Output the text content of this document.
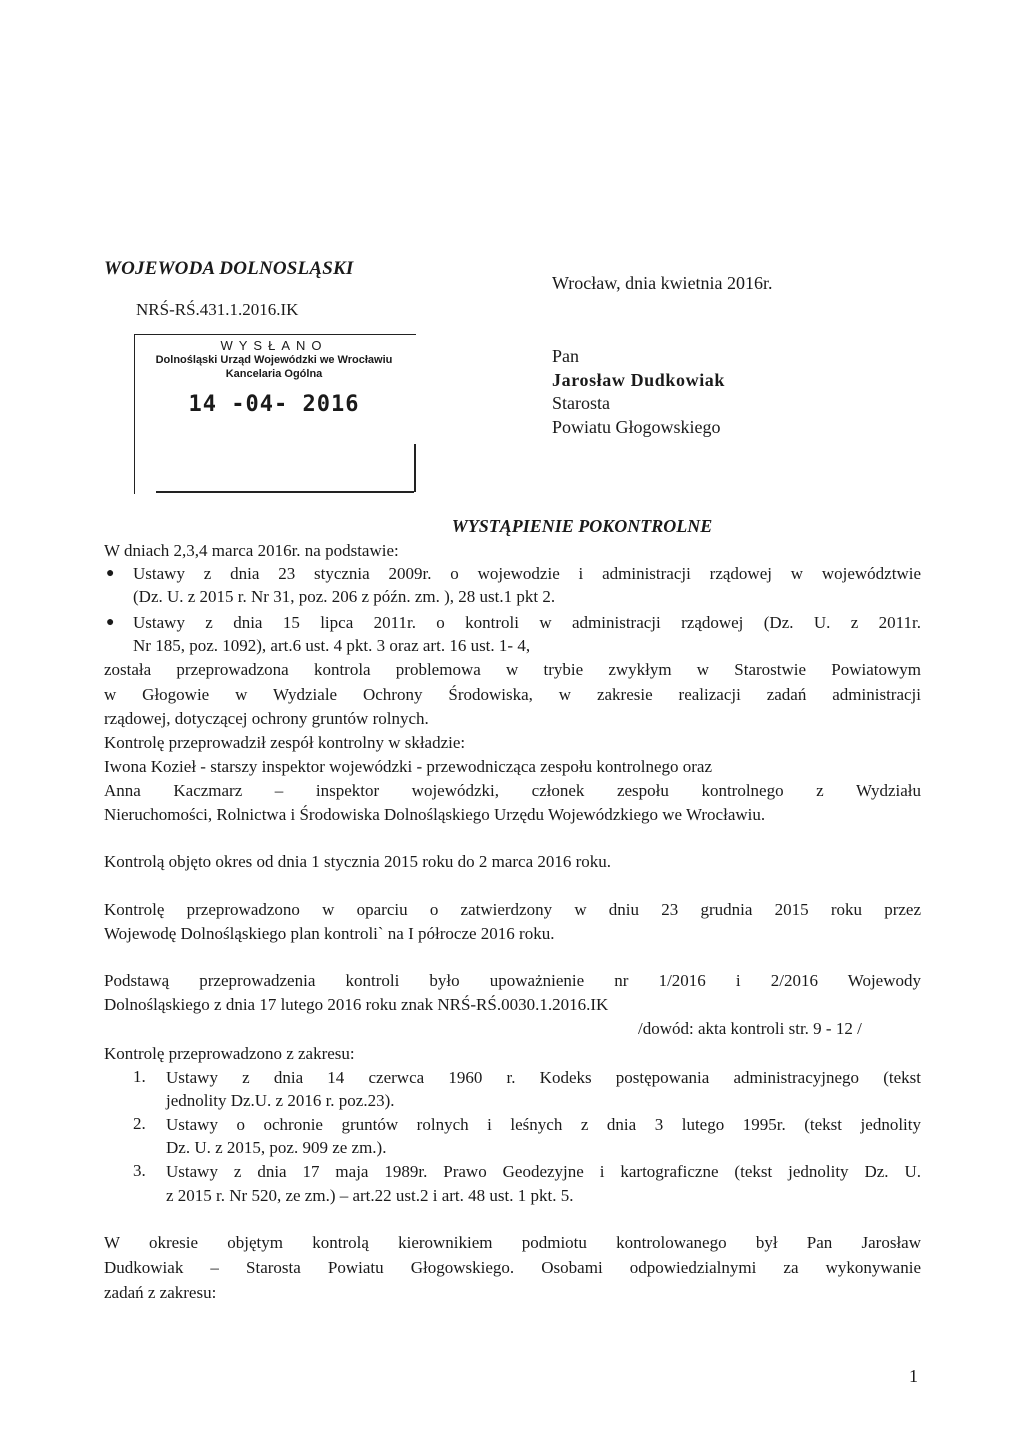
WOJEWODA DOLNOSLĄSKI
NRŚ-RŚ.431.1.2016.IK
Wrocław, dnia kwietnia 2016r.
WYSŁANO
Dolnośląski Urząd Wojewódzki we Wrocławiu
Kancelaria Ogólna
14 -04- 2016
Pan
Jarosław Dudkowiak
Starosta
Powiatu Głogowskiego
WYSTĄPIENIE POKONTROLNE
W dniach 2,3,4 marca 2016r. na podstawie:
● Ustawy z dnia 23 stycznia 2009r. o wojewodzie i administracji rządowej w województwie
(Dz. U. z 2015 r. Nr 31, poz. 206 z późn. zm. ), 28 ust.1 pkt 2.
● Ustawy z dnia 15 lipca 2011r. o kontroli w administracji rządowej (Dz. U. z 2011r.
Nr 185, poz. 1092), art.6 ust. 4 pkt. 3 oraz art. 16 ust. 1- 4,
została przeprowadzona kontrola problemowa w trybie zwykłym w Starostwie Powiatowym
w Głogowie w Wydziale Ochrony Środowiska, w zakresie realizacji zadań administracji
rządowej, dotyczącej ochrony gruntów rolnych.
Kontrolę przeprowadził zespół kontrolny w składzie:
Iwona Kozieł - starszy inspektor wojewódzki - przewodnicząca zespołu kontrolnego oraz
Anna Kaczmarz – inspektor wojewódzki, członek zespołu kontrolnego z Wydziału
Nieruchomości, Rolnictwa i Środowiska Dolnośląskiego Urzędu Wojewódzkiego we Wrocławiu.
Kontrolą objęto okres od dnia 1 stycznia 2015 roku do 2 marca 2016 roku.
Kontrolę przeprowadzono w oparciu o zatwierdzony w dniu 23 grudnia 2015 roku przez
Wojewodę Dolnośląskiego plan kontroli` na I półrocze 2016 roku.
Podstawą przeprowadzenia kontroli było upoważnienie nr 1/2016 i 2/2016 Wojewody
Dolnośląskiego z dnia 17 lutego 2016 roku znak NRŚ-RŚ.0030.1.2016.IK
/dowód: akta kontroli str. 9 - 12 /
Kontrolę przeprowadzono z zakresu:
1. Ustawy z dnia 14 czerwca 1960 r. Kodeks postępowania administracyjnego (tekst
jednolity Dz.U. z 2016 r. poz.23).
2. Ustawy o ochronie gruntów rolnych i leśnych z dnia 3 lutego 1995r. (tekst jednolity
Dz. U. z 2015, poz. 909 ze zm.).
3. Ustawy z dnia 17 maja 1989r. Prawo Geodezyjne i kartograficzne (tekst jednolity Dz. U.
z 2015 r. Nr 520, ze zm.) – art.22 ust.2 i art. 48 ust. 1 pkt. 5.
W okresie objętym kontrolą kierownikiem podmiotu kontrolowanego był Pan Jarosław
Dudkowiak – Starosta Powiatu Głogowskiego. Osobami odpowiedzialnymi za wykonywanie
zadań z zakresu:
1
